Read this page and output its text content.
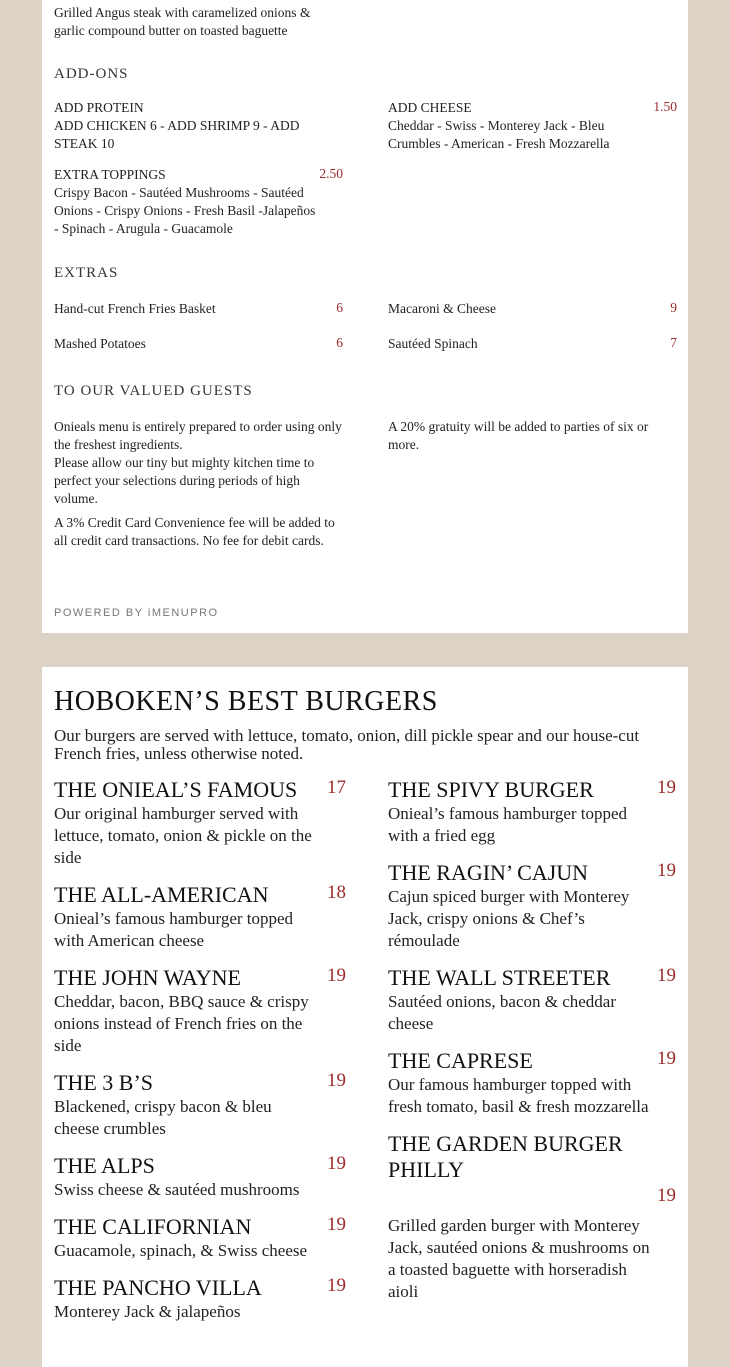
Grilled Angus steak with caramelized onions & garlic compound butter on toasted baguette
ADD-ONS
ADD PROTEIN
ADD CHICKEN 6 - ADD SHRIMP 9 - ADD STEAK 10
ADD CHEESE
Cheddar - Swiss - Monterey Jack - Bleu Crumbles - American - Fresh Mozzarella
1.50
EXTRA TOPPINGS
Crispy Bacon - Sautéed Mushrooms - Sautéed Onions - Crispy Onions - Fresh Basil -Jalapeños - Spinach - Arugula - Guacamole
2.50
EXTRAS
Hand-cut French Fries Basket	6	Macaroni & Cheese	9
Mashed Potatoes	6	Sautéed Spinach	7
TO OUR VALUED GUESTS
Onieals menu is entirely prepared to order using only the freshest ingredients.
Please allow our tiny but mighty kitchen time to perfect your selections during periods of high volume.
A 3% Credit Card Convenience fee will be added to all credit card transactions. No fee for debit cards.
A 20% gratuity will be added to parties of six or more.
POWERED BY iMENUPRO
HOBOKEN’S BEST BURGERS
Our burgers are served with lettuce, tomato, onion, dill pickle spear and our house-cut French fries, unless otherwise noted.
THE ONIEAL’S FAMOUS	17
Our original hamburger served with lettuce, tomato, onion & pickle on the side
THE ALL-AMERICAN	18
Onieal’s famous hamburger topped with American cheese
THE JOHN WAYNE	19
Cheddar, bacon, BBQ sauce & crispy onions instead of French fries on the side
THE 3 B’S	19
Blackened, crispy bacon & bleu cheese crumbles
THE ALPS	19
Swiss cheese & sautéed mushrooms
THE CALIFORNIAN	19
Guacamole, spinach, & Swiss cheese
THE PANCHO VILLA	19
Monterey Jack & jalapeños
THE SPIVY BURGER	19
Onieal’s famous hamburger topped with a fried egg
THE RAGIN’ CAJUN	19
Cajun spiced burger with Monterey Jack, crispy onions & Chef’s rémoulade
THE WALL STREETER	19
Sautéed onions, bacon & cheddar cheese
THE CAPRESE	19
Our famous hamburger topped with fresh tomato, basil & fresh mozzarella
THE GARDEN BURGER PHILLY
19
Grilled garden burger with Monterey Jack, sautéed onions & mushrooms on a toasted baguette with horseradish aioli
